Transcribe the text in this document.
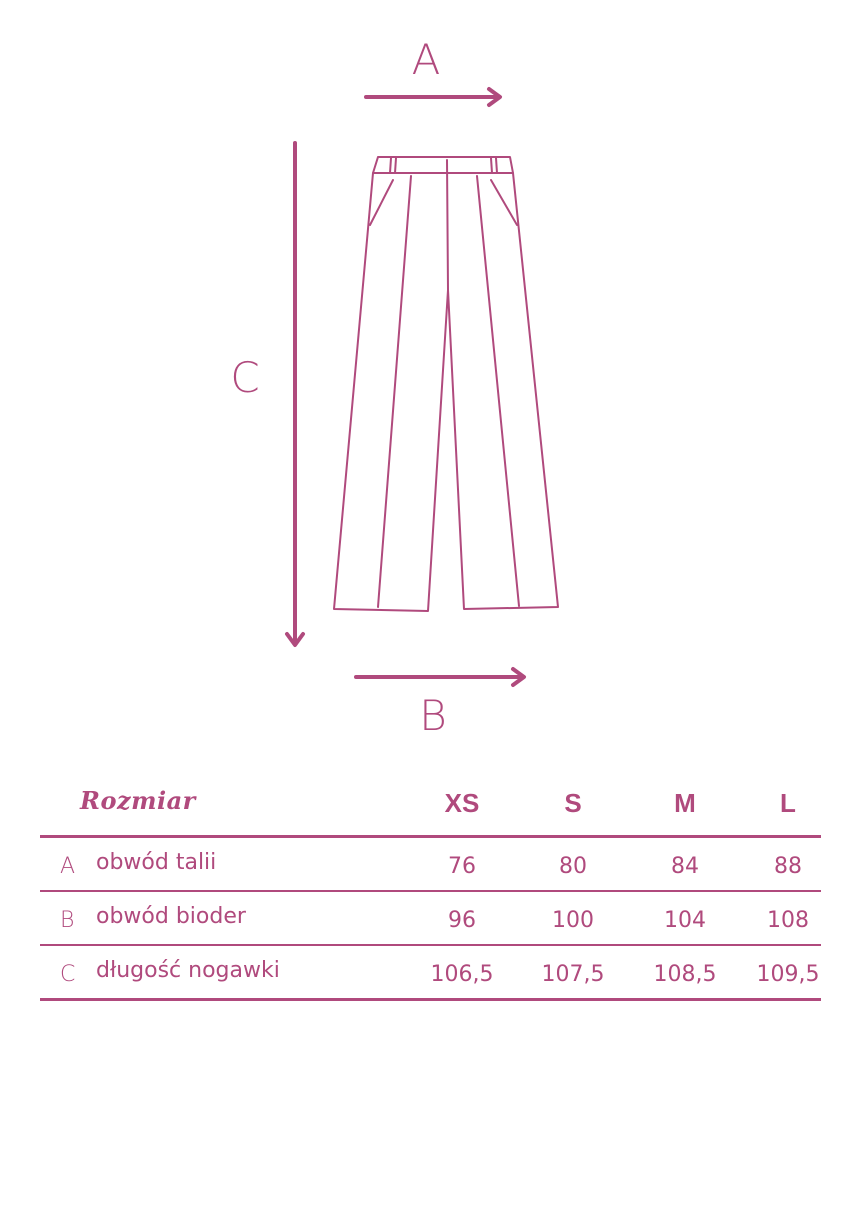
A
C
B
Rozmiar	XS	S	M	L
A obwód talii	76	80	84	88
B obwód bioder	96	100	104	108
C długość nogawki	106,5	107,5	108,5	109,5
